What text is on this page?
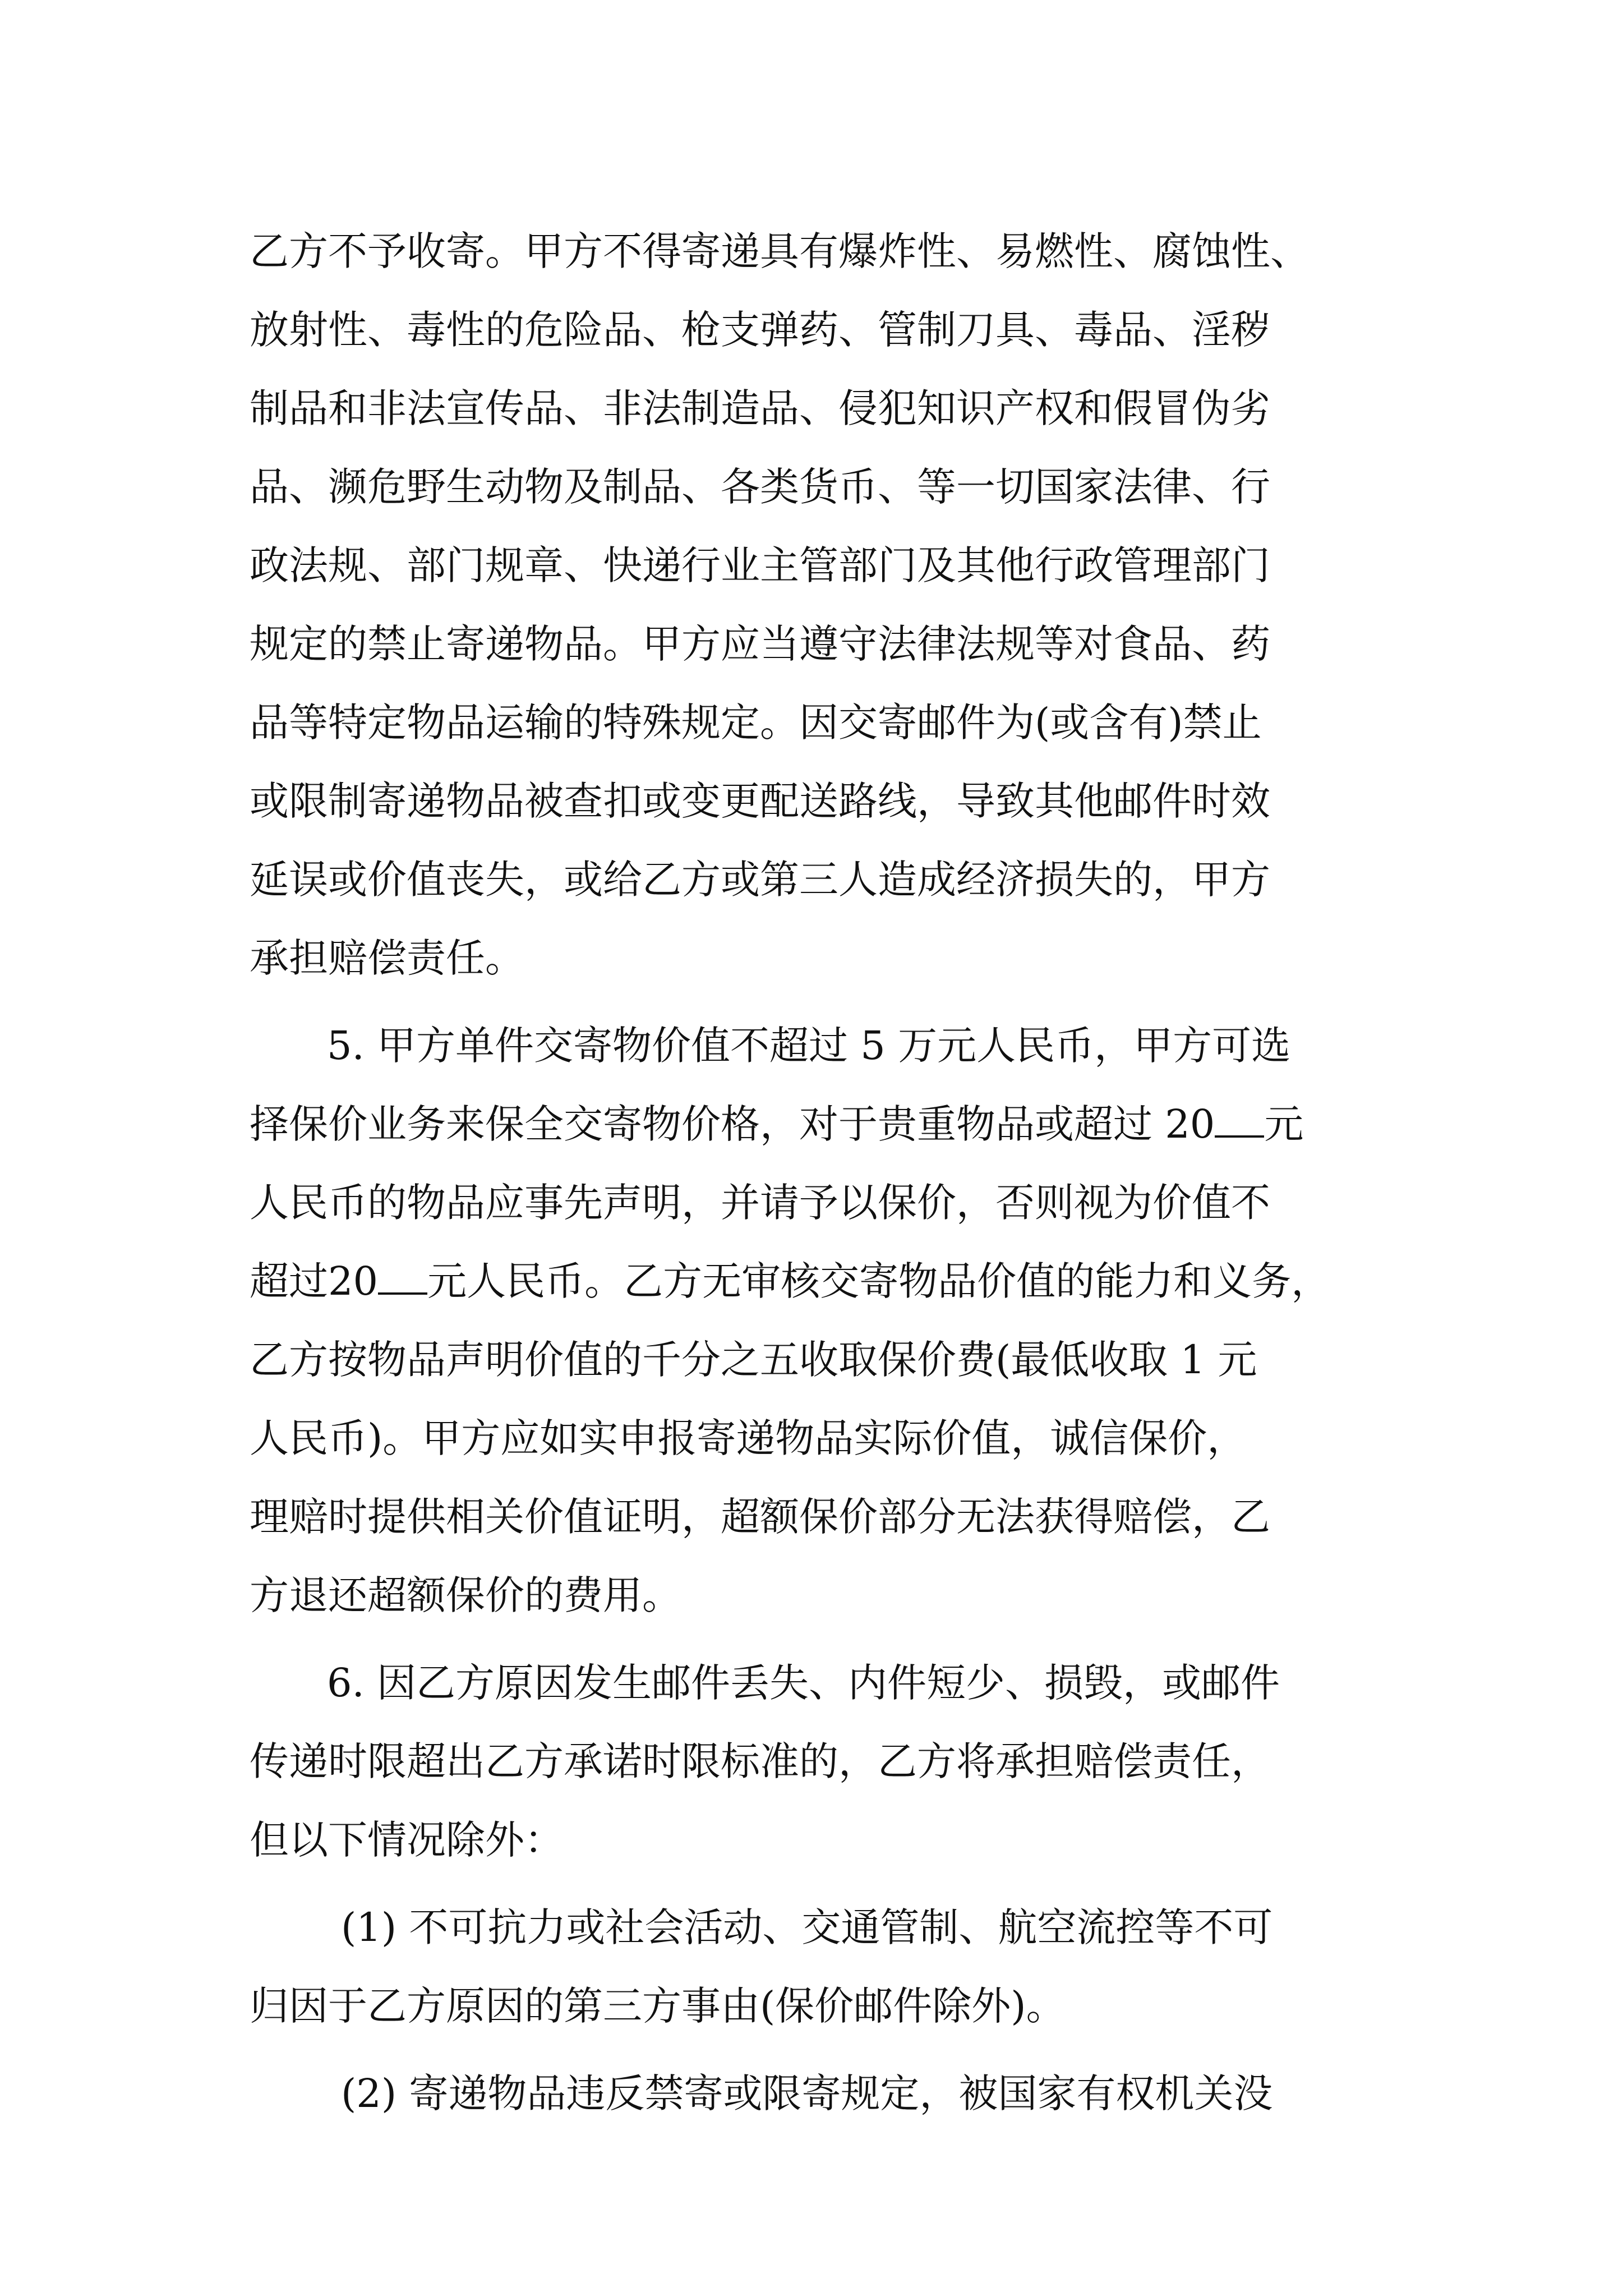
乙方不予收寄。甲方不得寄递具有爆炸性、易燃性、腐蚀性、
放射性、毒性的危险品、枪支弹药、管制刀具、毒品、淫秽
制品和非法宣传品、非法制造品、侵犯知识产权和假冒伪劣
品、濒危野生动物及制品、各类货币、等一切国家法律、行
政法规、部门规章、快递行业主管部门及其他行政管理部门
规定的禁止寄递物品。甲方应当遵守法律法规等对食品、药
品等特定物品运输的特殊规定。因交寄邮件为(或含有)禁止
或限制寄递物品被查扣或变更配送路线，导致其他邮件时效
延误或价值丧失，或给乙方或第三人造成经济损失的，甲方
承担赔偿责任。
5. 甲方单件交寄物价值不超过 5 万元人民币，甲方可选
择保价业务来保全交寄物价格，对于贵重物品或超过 20 元
人民币的物品应事先声明，并请予以保价，否则视为价值不
超过20 元人民币。乙方无审核交寄物品价值的能力和义务，
乙方按物品声明价值的千分之五收取保价费(最低收取 1 元
人民币)。甲方应如实申报寄递物品实际价值，诚信保价，
理赔时提供相关价值证明，超额保价部分无法获得赔偿，乙
方退还超额保价的费用。
6. 因乙方原因发生邮件丢失、内件短少、损毁，或邮件
传递时限超出乙方承诺时限标准的，乙方将承担赔偿责任，
但以下情况除外：
(1) 不可抗力或社会活动、交通管制、航空流控等不可
归因于乙方原因的第三方事由(保价邮件除外)。
(2) 寄递物品违反禁寄或限寄规定，被国家有权机关没
